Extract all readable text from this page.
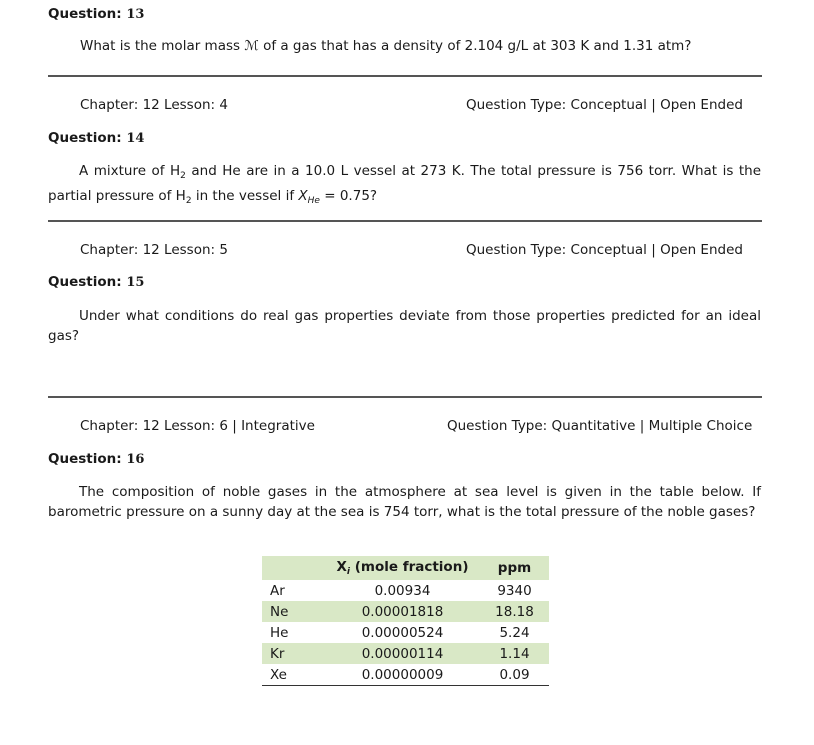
Question: 13
What is the molar mass ℳ of a gas that has a density of 2.104 g/L at 303 K and 1.31 atm?
Chapter: 12 Lesson: 4	Question Type: Conceptual | Open Ended
Question: 14
A mixture of $H_2$ and He are in a 10.0 L vessel at 273 K. The total pressure is 756 torr. What is the partial pressure of $H_2$ in the vessel if $X_{He} = 0.75$?
Chapter: 12 Lesson: 5	Question Type: Conceptual | Open Ended
Question: 15
Under what conditions do real gas properties deviate from those properties predicted for an ideal gas?
Chapter: 12 Lesson: 6 | Integrative	Question Type: Quantitative | Multiple Choice
Question: 16
The composition of noble gases in the atmosphere at sea level is given in the table below. If barometric pressure on a sunny day at the sea is 754 torr, what is the total pressure of the noble gases?
	$X_i$ (mole fraction)	ppm
Ar	0.00934	9340
Ne	0.00001818	18.18
He	0.00000524	5.24
Kr	0.00000114	1.14
Xe	0.00000009	0.09
